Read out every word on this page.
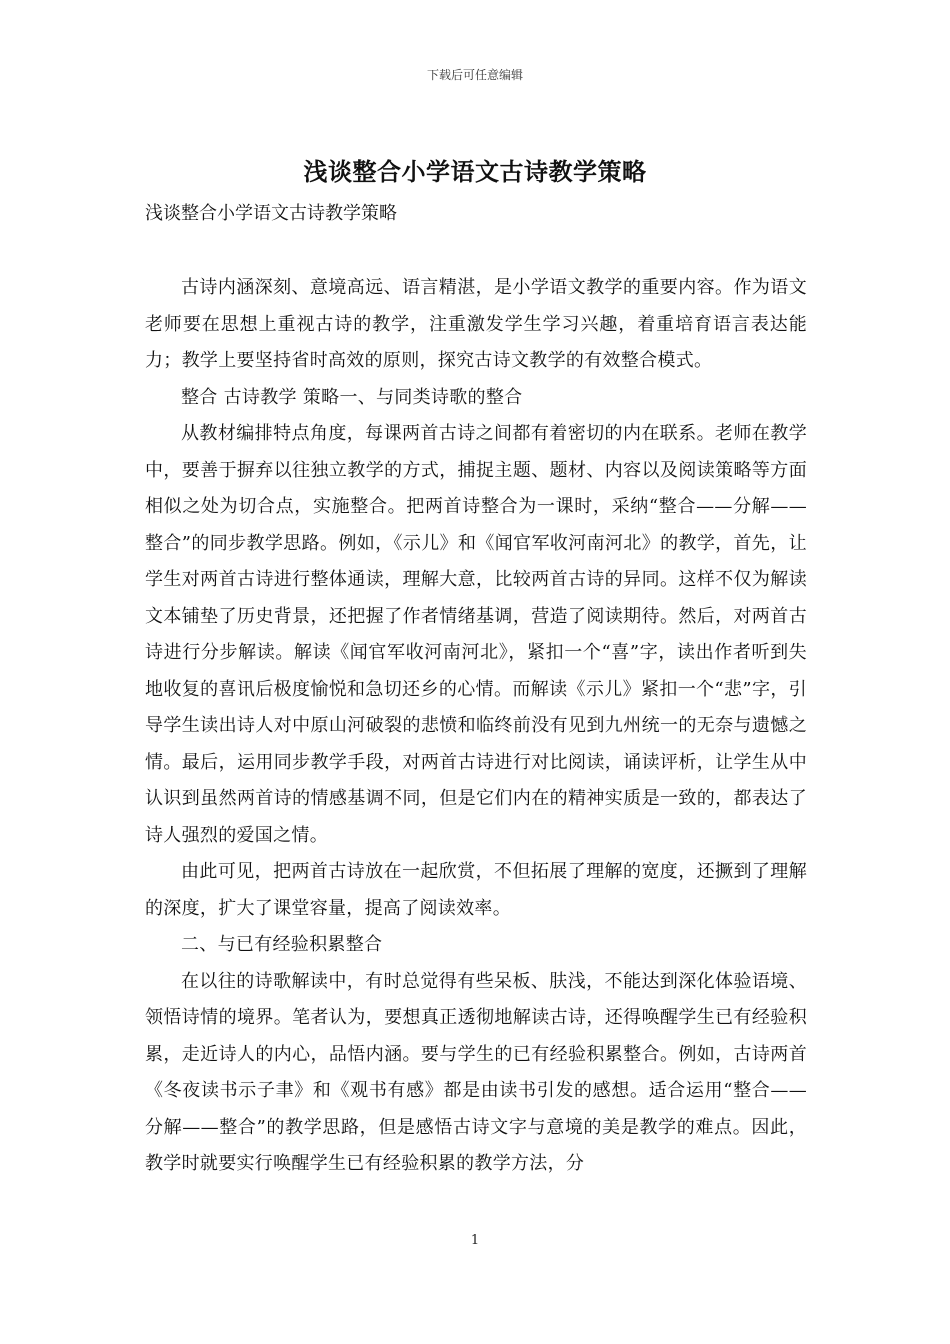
下载后可任意编辑
浅谈整合小学语文古诗教学策略
浅谈整合小学语文古诗教学策略

古诗内涵深刻、意境高远、语言精湛，是小学语文教学的重要内容。作为语文老师要在思想上重视古诗的教学，注重激发学生学习兴趣，着重培育语言表达能力；教学上要坚持省时高效的原则，探究古诗文教学的有效整合模式。

整合 古诗教学 策略一、与同类诗歌的整合

从教材编排特点角度，每课两首古诗之间都有着密切的内在联系。老师在教学中，要善于摒弃以往独立教学的方式，捕捉主题、题材、内容以及阅读策略等方面相似之处为切合点，实施整合。把两首诗整合为一课时，采纳“整合——分解——整合”的同步教学思路。例如，《示儿》和《闻官军收河南河北》的教学，首先，让学生对两首古诗进行整体通读，理解大意，比较两首古诗的异同。这样不仅为解读文本铺垫了历史背景，还把握了作者情绪基调，营造了阅读期待。然后，对两首古诗进行分步解读。解读《闻官军收河南河北》，紧扣一个“喜”字，读出作者听到失地收复的喜讯后极度愉悦和急切还乡的心情。而解读《示儿》紧扣一个“悲”字，引导学生读出诗人对中原山河破裂的悲愤和临终前没有见到九州统一的无奈与遗憾之情。最后，运用同步教学手段，对两首古诗进行对比阅读，诵读评析，让学生从中认识到虽然两首诗的情感基调不同，但是它们内在的精神实质是一致的，都表达了诗人强烈的爱国之情。

由此可见，把两首古诗放在一起欣赏，不但拓展了理解的宽度，还撅到了理解的深度，扩大了课堂容量，提高了阅读效率。

二、与已有经验积累整合

在以往的诗歌解读中，有时总觉得有些呆板、肤浅，不能达到深化体验语境、领悟诗情的境界。笔者认为，要想真正透彻地解读古诗，还得唤醒学生已有经验积累，走近诗人的内心，品悟内涵。要与学生的已有经验积累整合。例如，古诗两首《冬夜读书示子聿》和《观书有感》都是由读书引发的感想。适合运用“整合——分解——整合”的教学思路，但是感悟古诗文字与意境的美是教学的难点。因此，教学时就要实行唤醒学生已有经验积累的教学方法，分

1
